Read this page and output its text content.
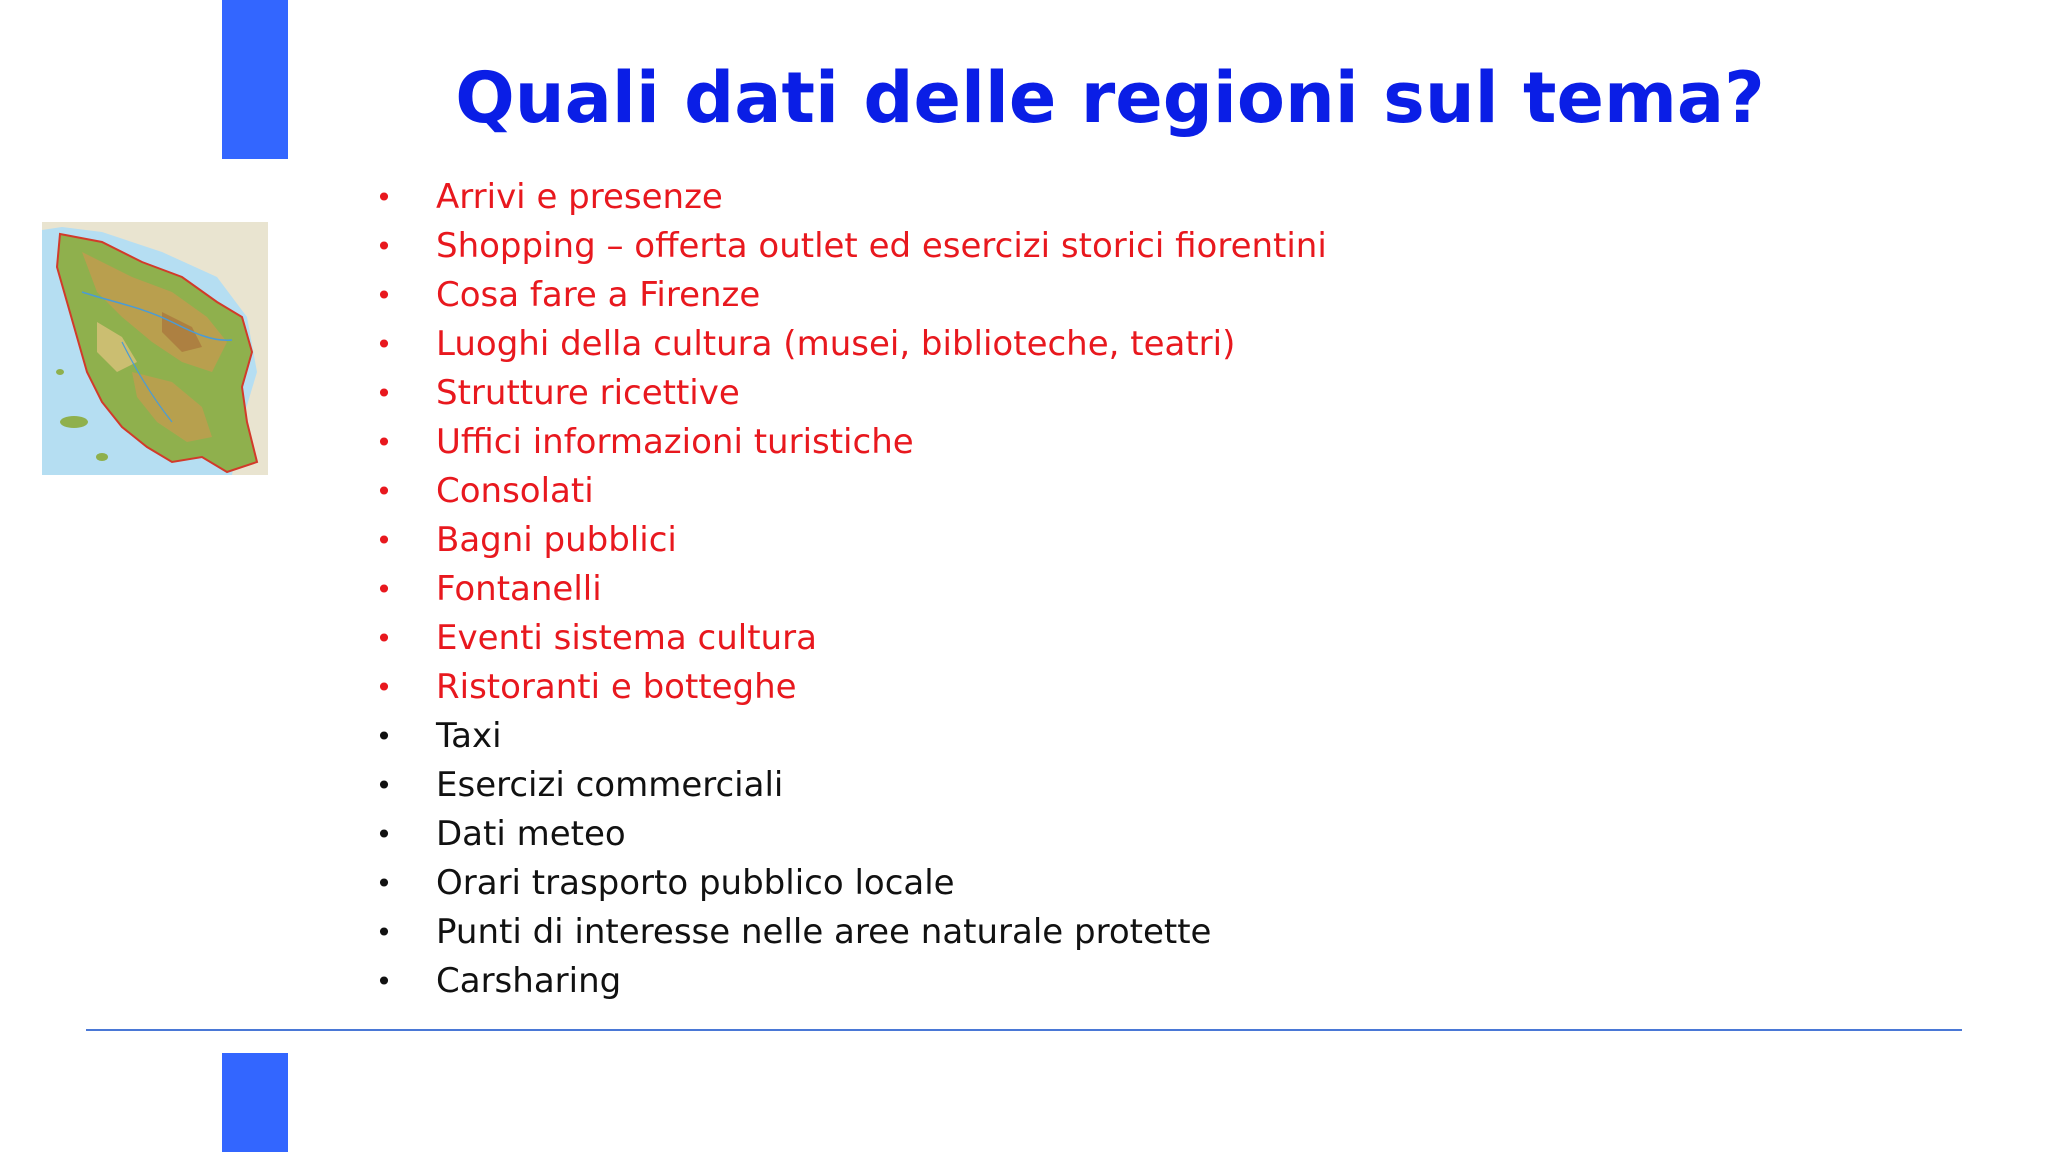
Quali dati delle regioni sul tema?
• Arrivi e presenze
• Shopping – offerta outlet ed esercizi storici fiorentini
• Cosa fare a Firenze
• Luoghi della cultura (musei, biblioteche, teatri)
• Strutture ricettive
• Uffici informazioni turistiche
• Consolati
• Bagni pubblici
• Fontanelli
• Eventi sistema cultura
• Ristoranti e botteghe
• Taxi
• Esercizi commerciali
• Dati meteo
• Orari trasporto pubblico locale
• Punti di interesse nelle aree naturale protette
• Carsharing
